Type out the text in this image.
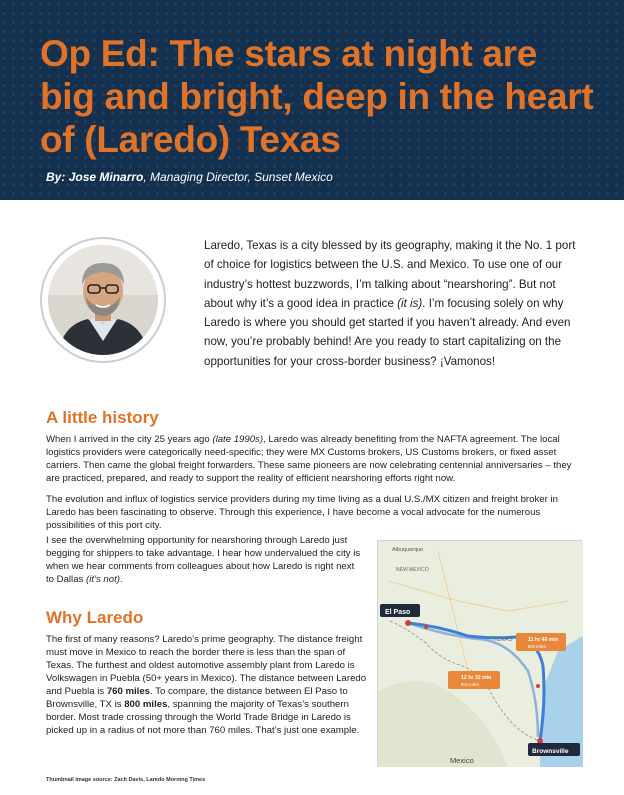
Op Ed: The stars at night are big and bright, deep in the heart of (Laredo) Texas
By: Jose Minarro, Managing Director, Sunset Mexico

Laredo, Texas is a city blessed by its geography, making it the No. 1 port of choice for logistics between the U.S. and Mexico. To use one of our industry’s hottest buzzwords, I’m talking about “nearshoring”. But not about why it’s a good idea in practice (it is). I’m focusing solely on why Laredo is where you should get started if you haven’t already. And even now, you’re probably behind! Are you ready to start capitalizing on the opportunities for your cross-border business? ¡Vamonos!

A little history

When I arrived in the city 25 years ago (late 1990s), Laredo was already benefiting from the NAFTA agreement. The local logistics providers were categorically need-specific; they were MX Customs brokers, US Customs brokers, or fixed asset carriers. Then came the global freight forwarders. These same pioneers are now celebrating centennial anniversaries – they are practiced, prepared, and ready to support the reality of efficient nearshoring efforts right now.

The evolution and influx of logistics service providers during my time living as a dual U.S./MX citizen and freight broker in Laredo has been fascinating to observe. Through this experience, I have become a vocal advocate for the numerous possibilities of this port city.

I see the overwhelming opportunity for nearshoring through Laredo just begging for shippers to take advantage. I hear how undervalued the city is when we hear comments from colleagues about how Laredo is right next to Dallas (it’s not).

Why Laredo

The first of many reasons? Laredo’s prime geography. The distance freight must move in Mexico to reach the border there is less than the span of Texas. The furthest and oldest automotive assembly plant from Laredo is Volkswagen in Puebla (50+ years in Mexico). The distance between Laredo and Puebla is 760 miles. To compare, the distance between El Paso to Brownsville, TX is 800 miles, spanning the majority of Texas’s southern border. Most trade crossing through the World Trade Bridge in Laredo is picked up in a radius of not more than 760 miles. That’s just one example.

Albuquerque
NEW MEXICO
TEXAS
El Paso
Brownsville
Mexico
11 hr 40 min
800 miles
12 hr 32 min
804 miles
Thumbnail image source: Zach Davis, Laredo Morning Times
